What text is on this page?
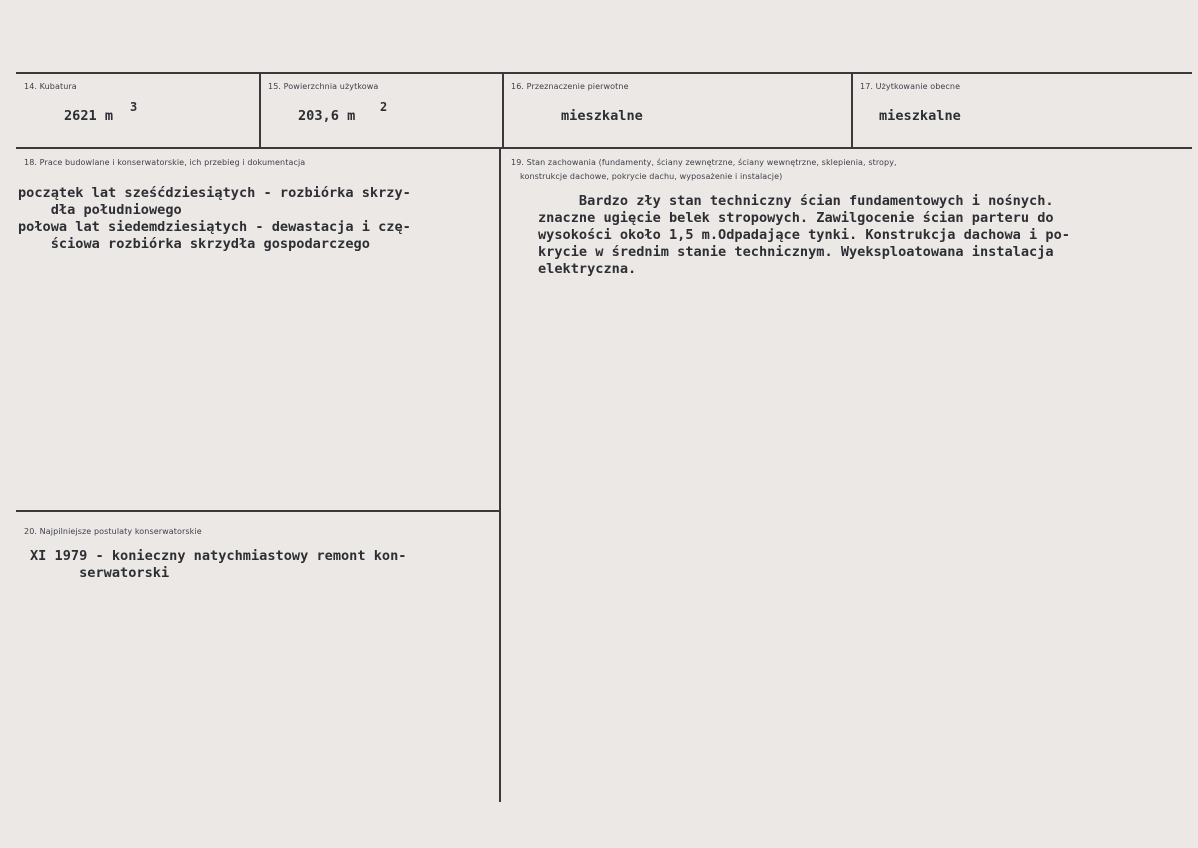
14. Kubatura
2621 m
3
15. Powierzchnia użytkowa
203,6 m
2
16. Przeznaczenie pierwotne
mieszkalne
17. Użytkowanie obecne
mieszkalne
18. Prace budowlane i konserwatorskie, ich przebieg i dokumentacja
początek lat sześćdziesiątych - rozbiórka skrzy-
dła południowego
połowa lat siedemdziesiątych - dewastacja i czę-
ściowa rozbiórka skrzydła gospodarczego
19. Stan zachowania (fundamenty, ściany zewnętrzne, ściany wewnętrzne, sklepienia, stropy,
konstrukcje dachowe, pokrycie dachu, wyposażenie i instalacje)
Bardzo zły stan techniczny ścian fundamentowych i nośnych.
znaczne ugięcie belek stropowych. Zawilgocenie ścian parteru do
wysokości około 1,5 m.Odpadające tynki. Konstrukcja dachowa i po-
krycie w średnim stanie technicznym. Wyeksploatowana instalacja
elektryczna.
20. Najpilniejsze postulaty konserwatorskie
XI 1979 - konieczny natychmiastowy remont kon-
serwatorski
